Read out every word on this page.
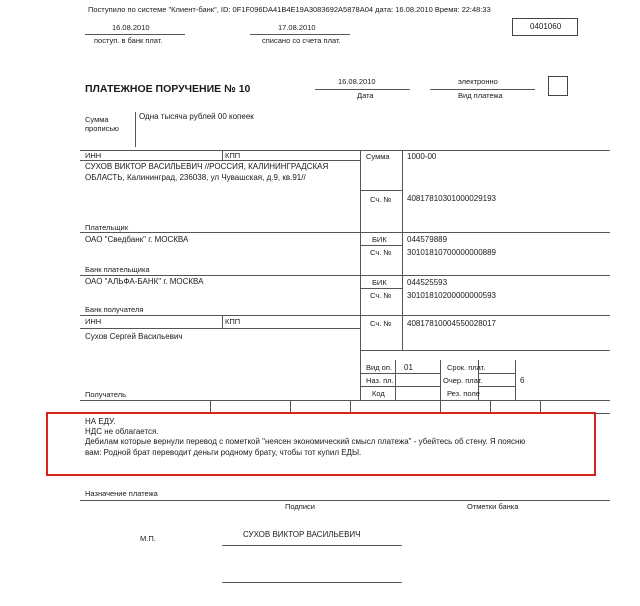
Поступило по системе "Клиент-банк", ID: 0F1F096DA41B4E19A3083692A5878A04 дата: 16.08.2010 Время: 22:48:33
16.08.2010
поступ. в банк плат.
17.08.2010
списано со счета плат.
0401060
ПЛАТЕЖНОЕ ПОРУЧЕНИЕ № 10
16.08.2010
Дата
электронно
Вид платежа
Сумма
прописью
Одна тысяча рублей 00 копеек
ИНН	КПП
СУХОВ ВИКТОР ВАСИЛЬЕВИЧ //РОССИЯ, КАЛИНИНГРАДСКАЯ
ОБЛАСТЬ, Калининград, 236038, ул Чувашская, д.9, кв.91//
Плательщик
Сумма 1000-00
Сч. № 40817810301000029193
ОАО "Сведбанк" г. МОСКВА
Банк плательщика
БИК	044579889
Сч. № 30101810700000000889
ОАО "АЛЬФА-БАНК" г. МОСКВА
Банк получателя
БИК	044525593
Сч. № 30101810200000000593
ИНН	КПП
Сухов Сергей Васильевич
Получатель
Сч. № 40817810004550028017
Вид оп. 01
Наз. пл.
Код
Срок. плат.
Очер. плат.	6
Рез. поле
НА ЕДУ.
НДС не облагается.
Дебилам которые вернули перевод с пометкой "неясен экономический смысл платежа" - убейтесь об стену. Я поясню
вам: Родной брат переводит деньги родному брату, чтобы тот купил ЕДЫ.
Назначение платежа
Подписи	Отметки банка
М.П.	СУХОВ ВИКТОР ВАСИЛЬЕВИЧ
